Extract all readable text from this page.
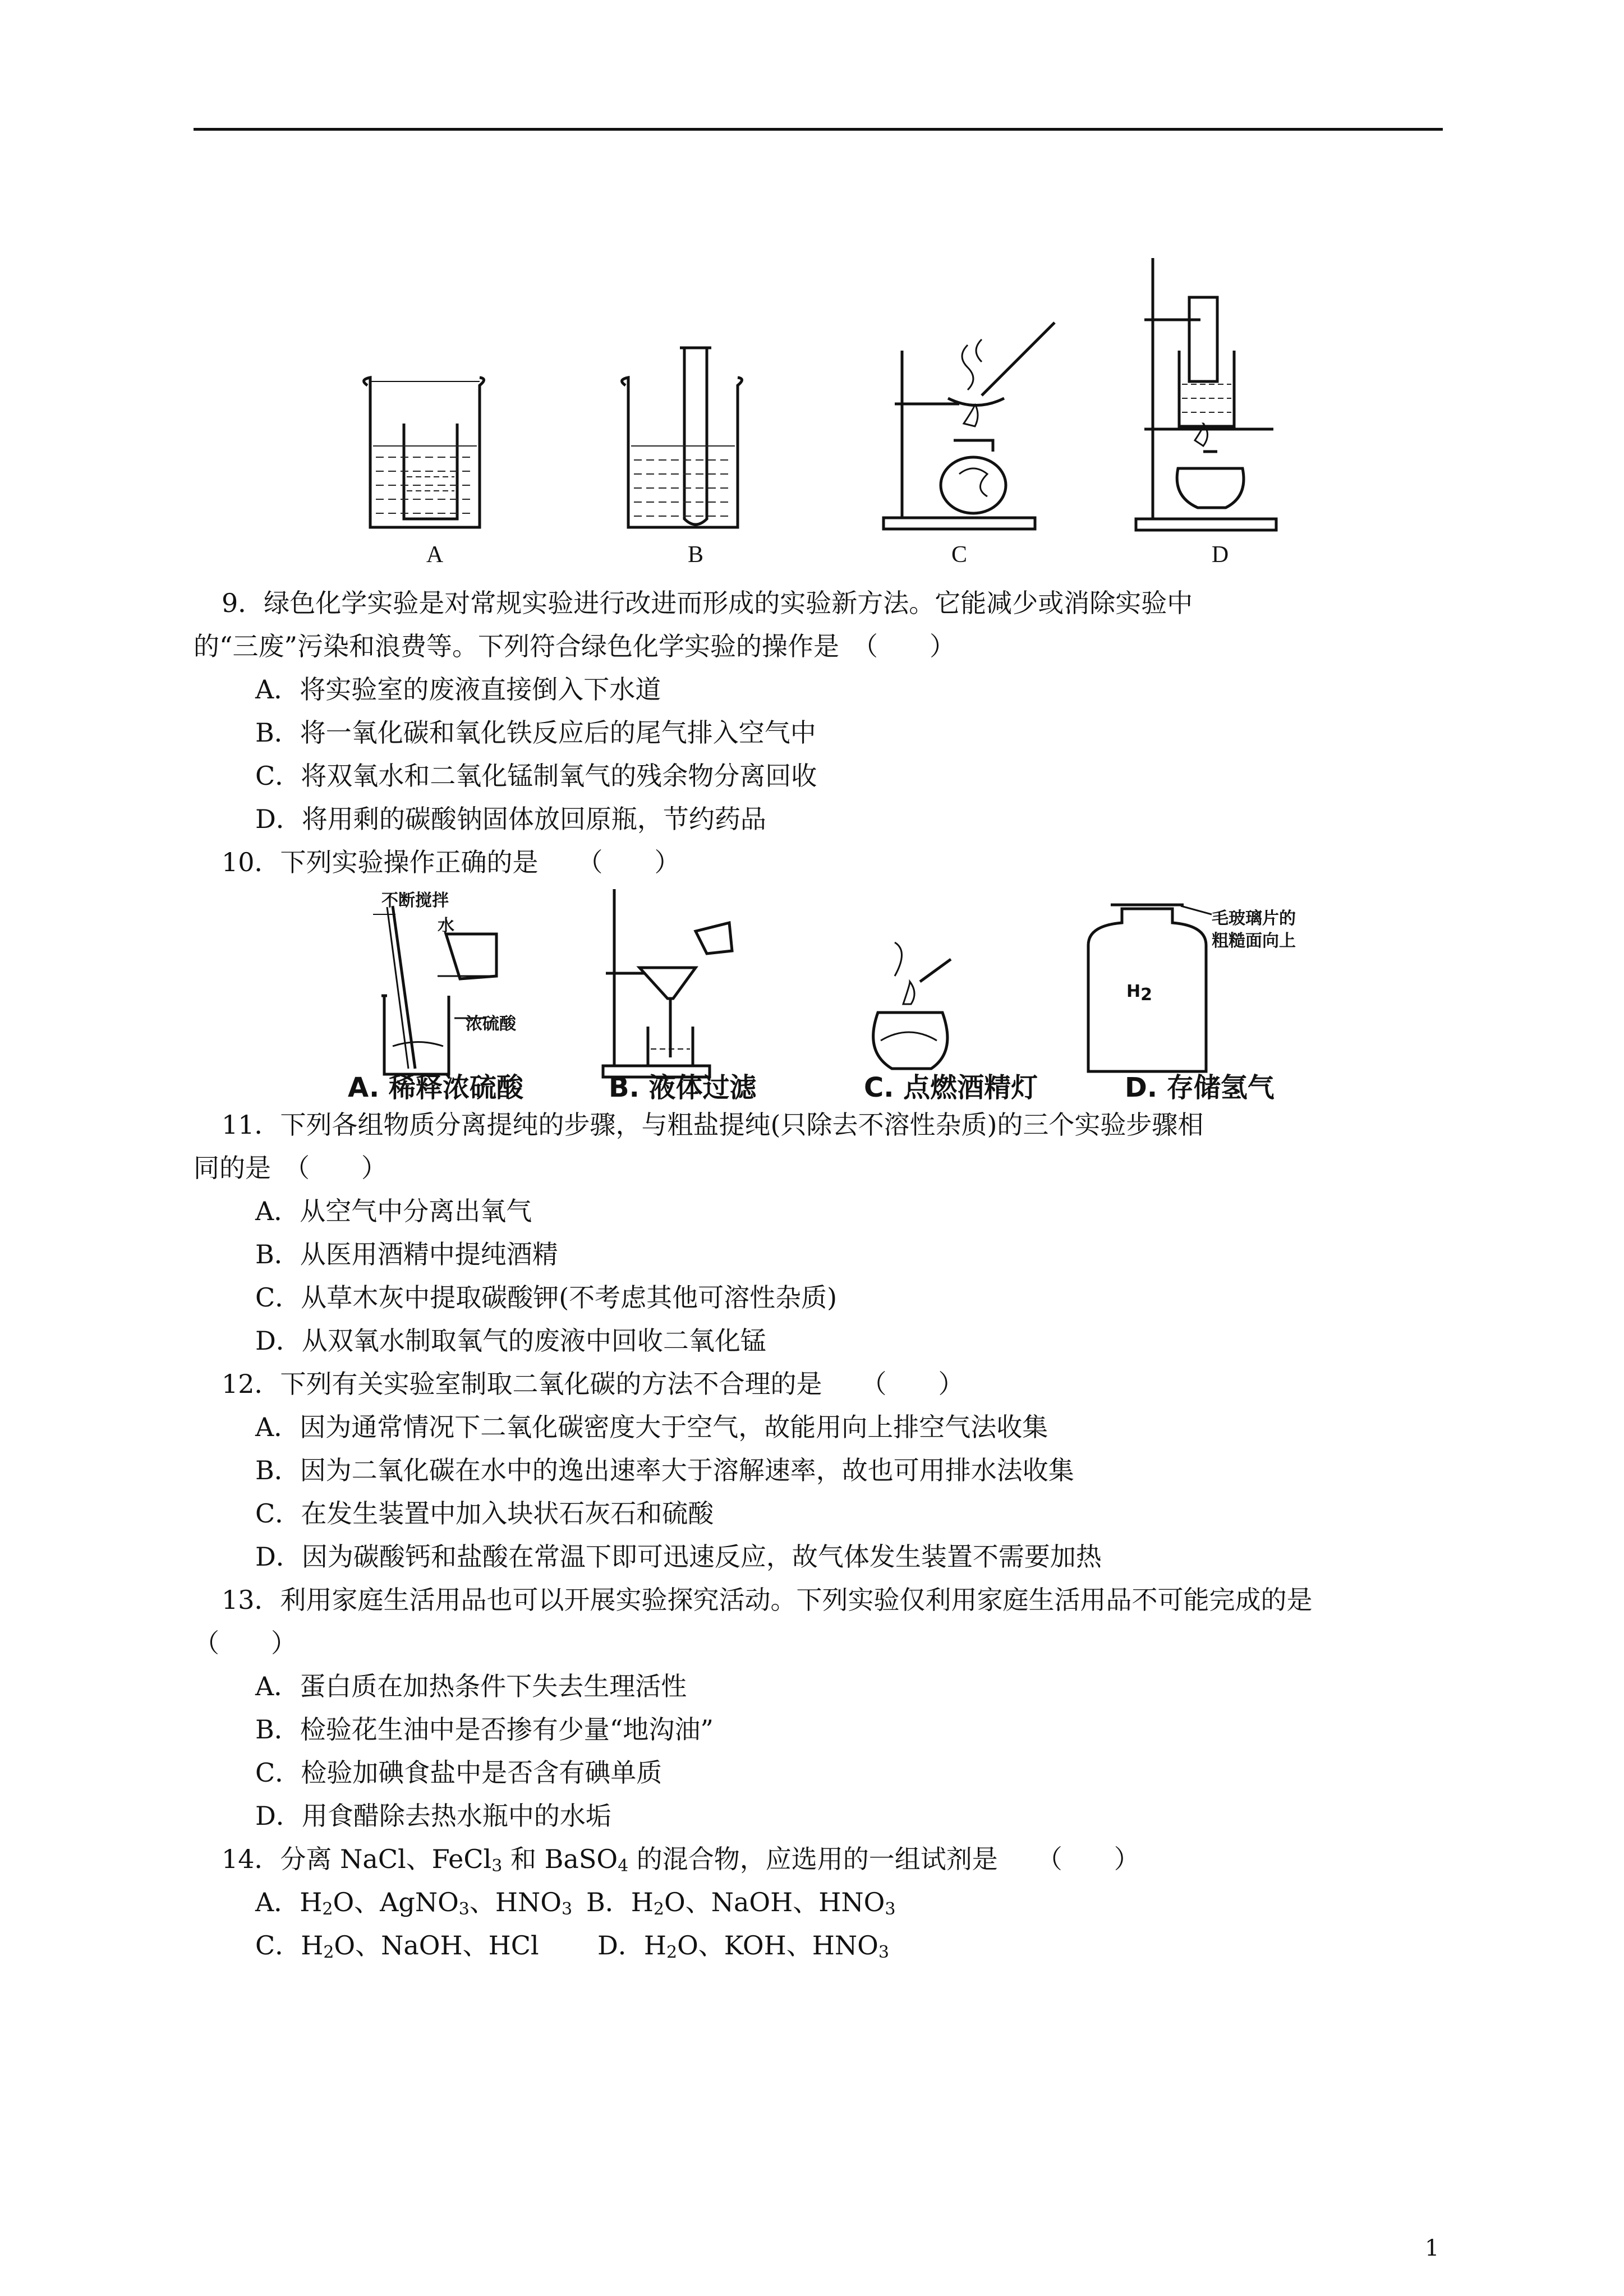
A	B	C	D
9．绿色化学实验是对常规实验进行改进而形成的实验新方法。它能减少或消除实验中
的“三废”污染和浪费等。下列符合绿色化学实验的操作是　（　　）
A．将实验室的废液直接倒入下水道
B．将一氧化碳和氧化铁反应后的尾气排入空气中
C．将双氧水和二氧化锰制氧气的残余物分离回收
D．将用剩的碳酸钠固体放回原瓶，节约药品
10．下列实验操作正确的是　　（　　）
不断搅拌
水
浓硫酸
$H_2$
毛玻璃片的
粗糙面向上
A. 稀释浓硫酸	B. 液体过滤	C. 点燃酒精灯	D. 存储氢气
11．下列各组物质分离提纯的步骤，与粗盐提纯(只除去不溶性杂质)的三个实验步骤相
同的是　（　　）
A．从空气中分离出氧气
B．从医用酒精中提纯酒精
C．从草木灰中提取碳酸钾(不考虑其他可溶性杂质)
D．从双氧水制取氧气的废液中回收二氧化锰
12．下列有关实验室制取二氧化碳的方法不合理的是　　（　　）
A．因为通常情况下二氧化碳密度大于空气，故能用向上排空气法收集
B．因为二氧化碳在水中的逸出速率大于溶解速率，故也可用排水法收集
C．在发生装置中加入块状石灰石和硫酸
D．因为碳酸钙和盐酸在常温下即可迅速反应，故气体发生装置不需要加热
13．利用家庭生活用品也可以开展实验探究活动。下列实验仅利用家庭生活用品不可能完成的是
（　　）
A．蛋白质在加热条件下失去生理活性
B．检验花生油中是否掺有少量“地沟油”
C．检验加碘食盐中是否含有碘单质
D．用食醋除去热水瓶中的水垢
14．分离 NaCl、FeCl$_3$ 和 BaSO$_4$ 的混合物，应选用的一组试剂是　　（　　）
A．$H_2O$、AgNO$_3$、$HNO_3$ B．$H_2O$、NaOH、$HNO_3$
C．$H_2O$、NaOH、HCl D．$H_2O$、KOH、$HNO_3$
1
